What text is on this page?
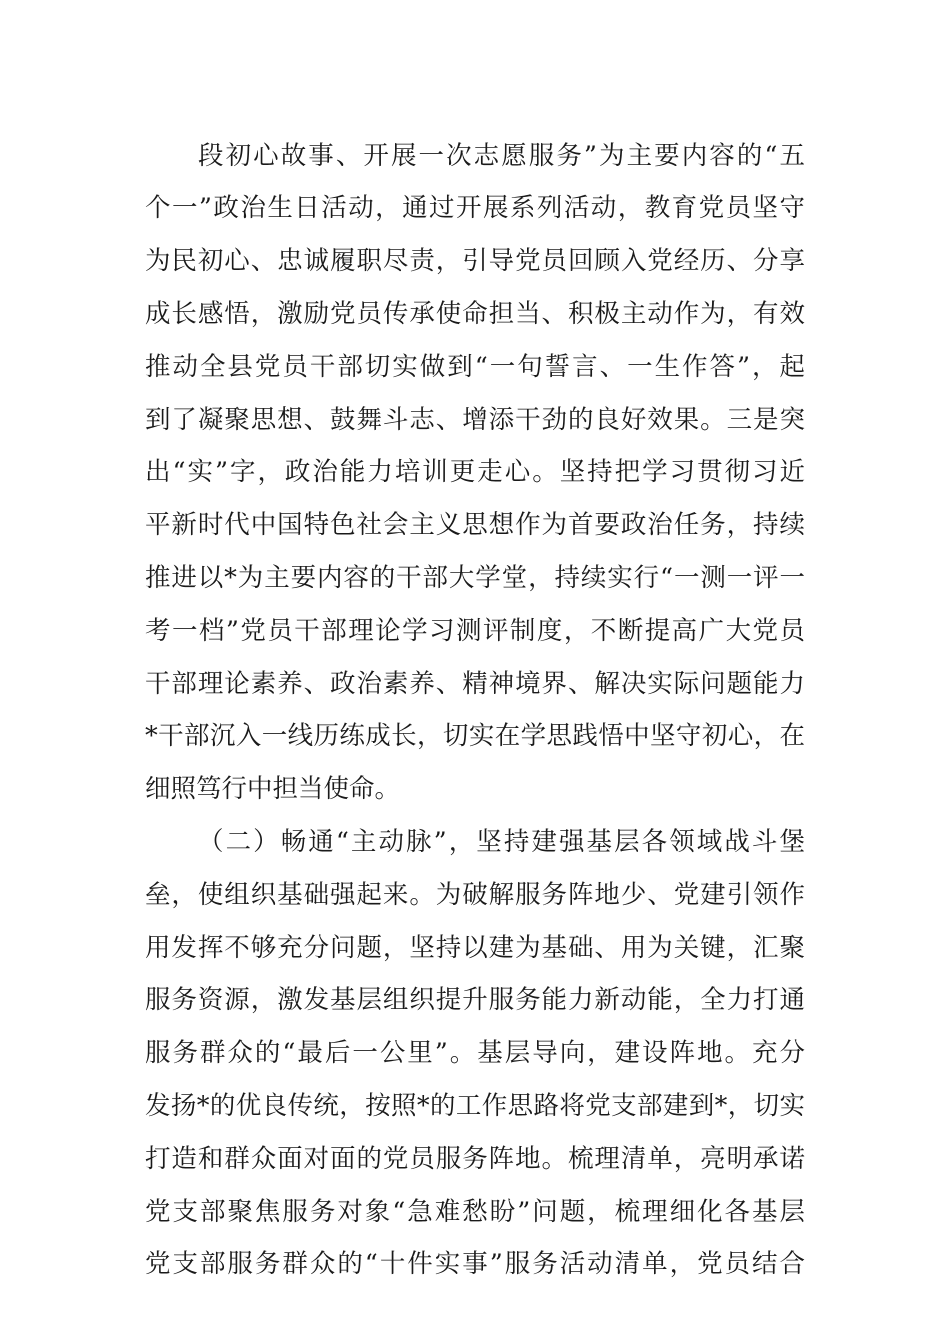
段初心故事、开展一次志愿服务”为主要内容的“五
个一”政治生日活动，通过开展系列活动，教育党员坚守
为民初心、忠诚履职尽责，引导党员回顾入党经历、分享
成长感悟，激励党员传承使命担当、积极主动作为，有效
推动全县党员干部切实做到“一句誓言、一生作答”，起
到了凝聚思想、鼓舞斗志、增添干劲的良好效果。三是突
出“实”字，政治能力培训更走心。坚持把学习贯彻习近
平新时代中国特色社会主义思想作为首要政治任务，持续
推进以*为主要内容的干部大学堂，持续实行“一测一评一
考一档”党员干部理论学习测评制度，不断提高广大党员
干部理论素养、政治素养、精神境界、解决实际问题能力
*干部沉入一线历练成长，切实在学思践悟中坚守初心，在
细照笃行中担当使命。
（二）畅通“主动脉”，坚持建强基层各领域战斗堡
垒，使组织基础强起来。为破解服务阵地少、党建引领作
用发挥不够充分问题，坚持以建为基础、用为关键，汇聚
服务资源，激发基层组织提升服务能力新动能，全力打通
服务群众的“最后一公里”。基层导向，建设阵地。充分
发扬*的优良传统，按照*的工作思路将党支部建到*，切实
打造和群众面对面的党员服务阵地。梳理清单，亮明承诺
党支部聚焦服务对象“急难愁盼”问题，梳理细化各基层
党支部服务群众的“十件实事”服务活动清单，党员结合
